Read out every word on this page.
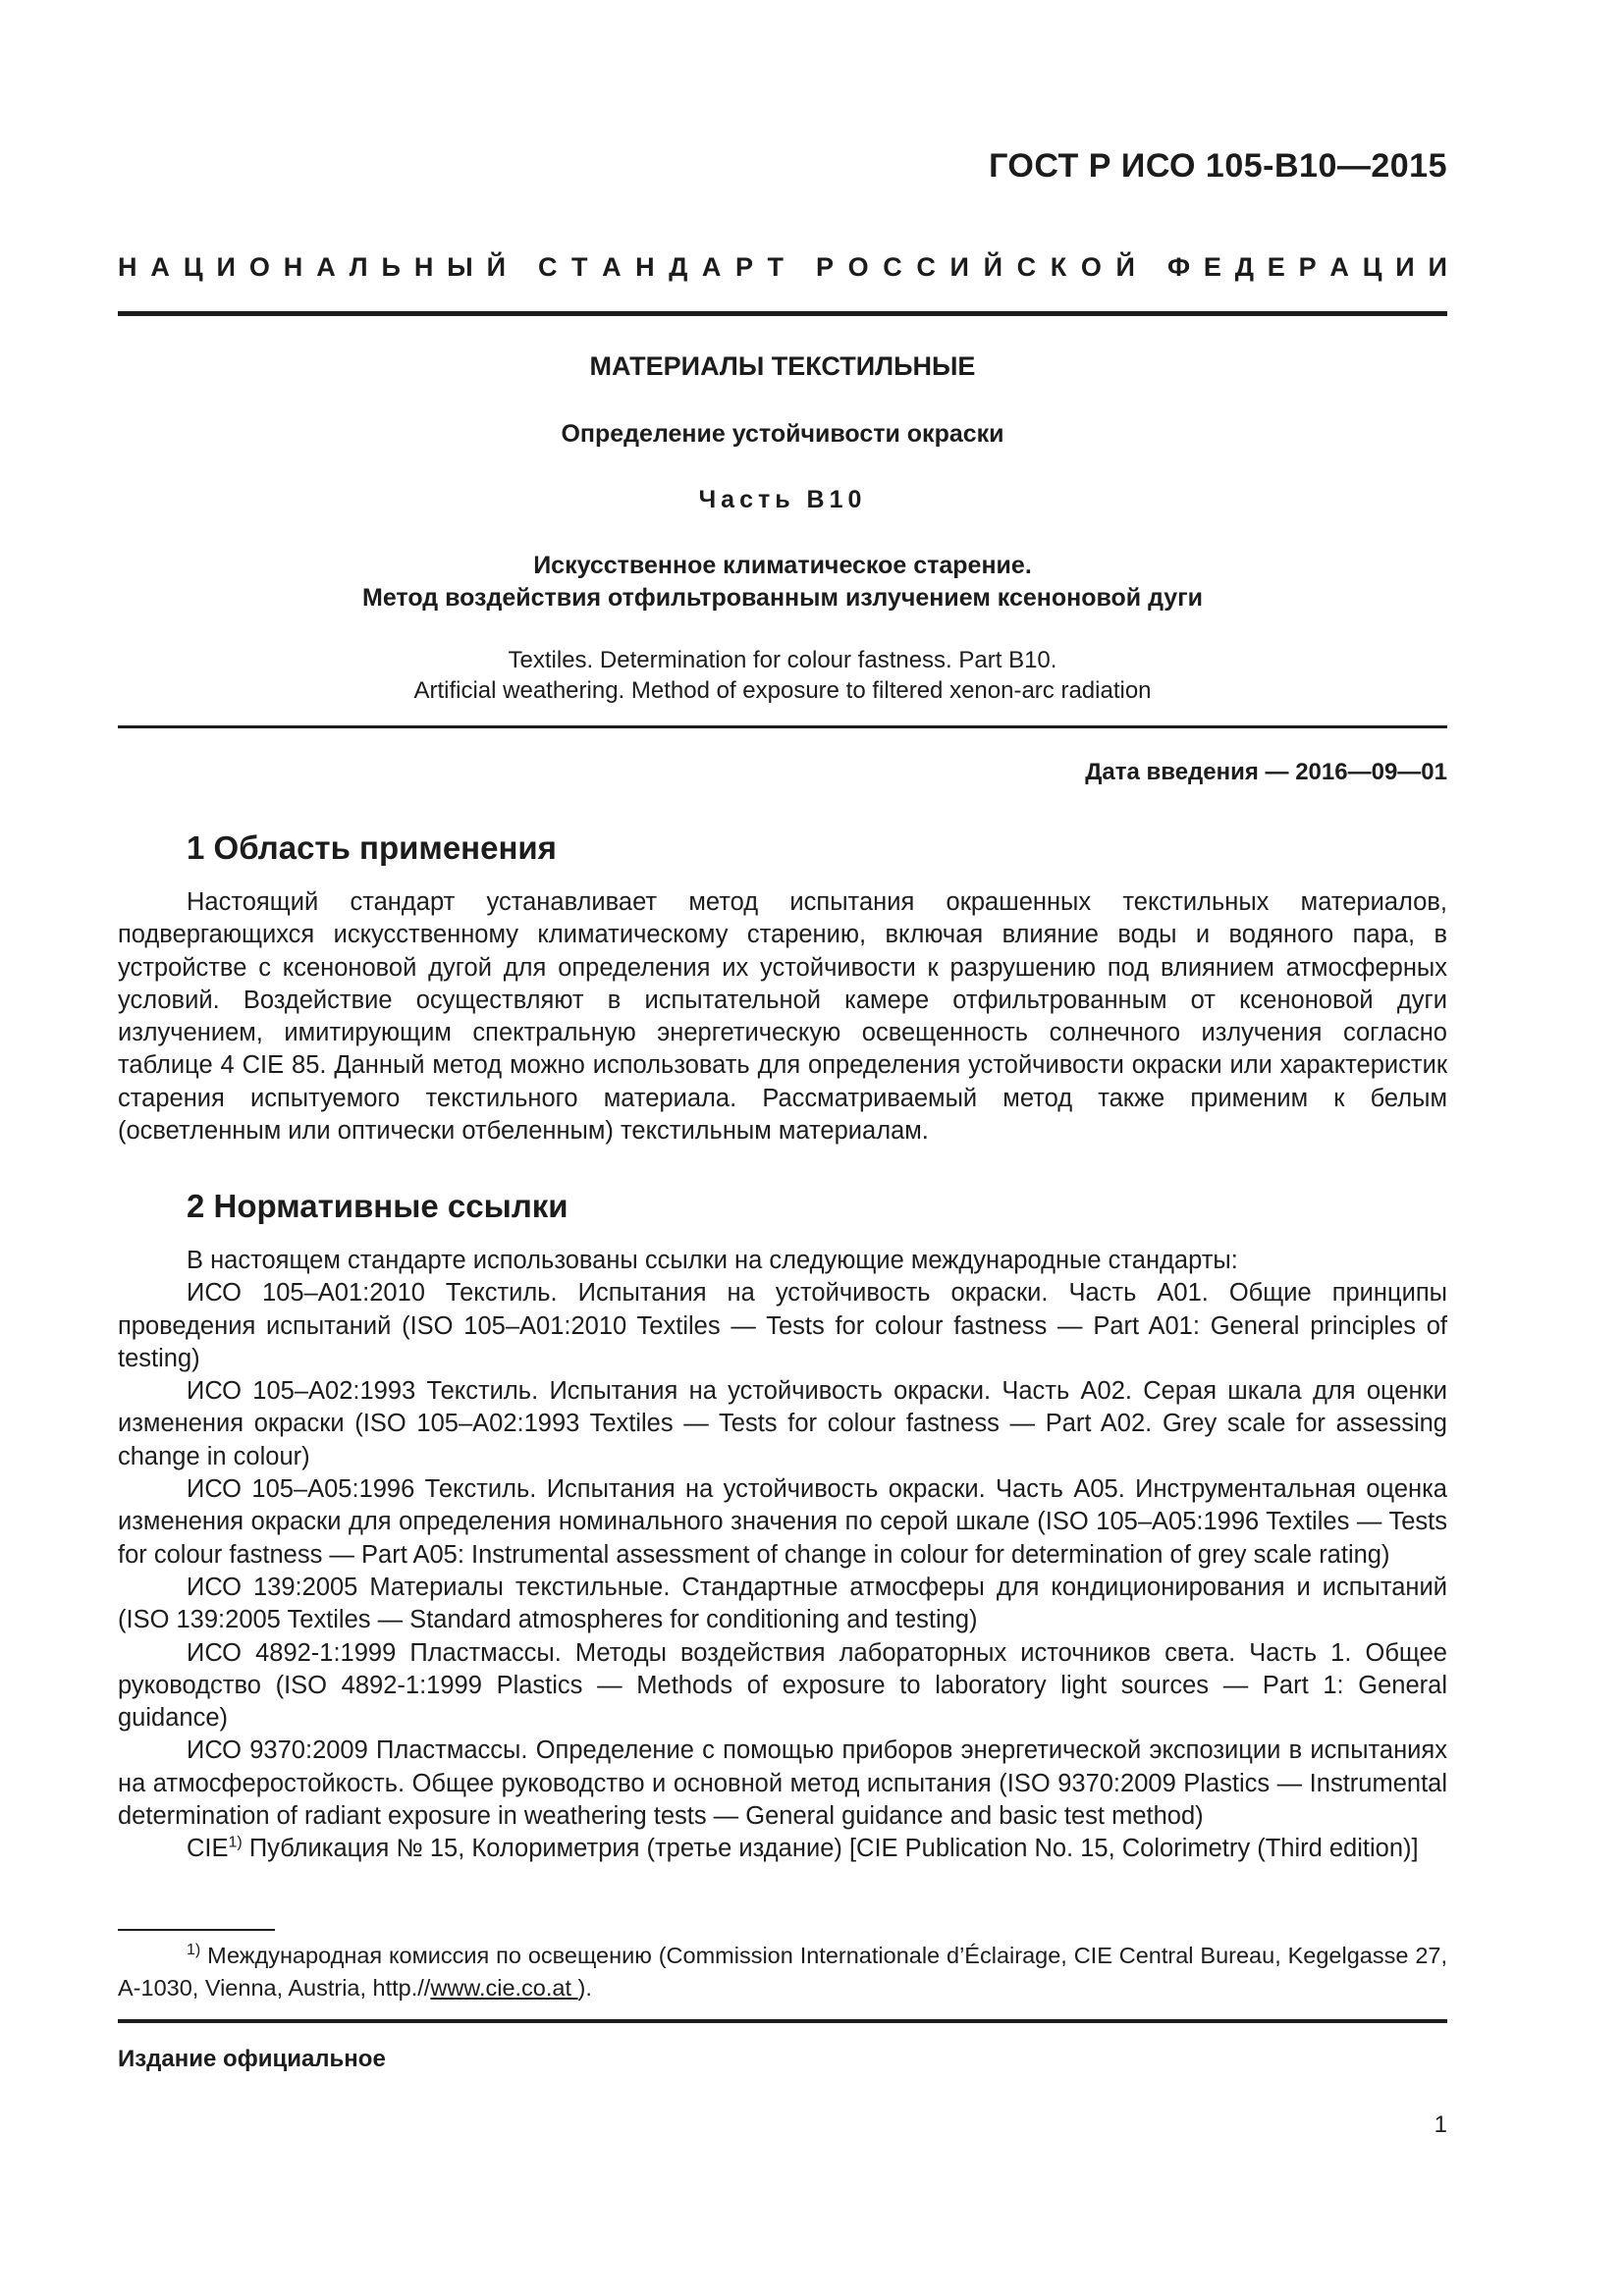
ГОСТ Р ИСО 105-В10—2015
Н А Ц И О Н А Л Ь Н Ы Й С Т А Н Д А Р Т Р О С С И Й С К О Й Ф Е Д Е Р А Ц И И
МАТЕРИАЛЫ ТЕКСТИЛЬНЫЕ
Определение устойчивости окраски
Часть В10
Искусственное климатическое старение.
Метод воздействия отфильтрованным излучением ксеноновой дуги
Textiles. Determination for colour fastness. Part B10.
Artificial weathering. Method of exposure to filtered xenon-arc radiation
Дата введения — 2016—09—01
1 Область применения

Настоящий стандарт устанавливает метод испытания окрашенных текстильных материалов, подвергающихся искусственному климатическому старению, включая влияние воды и водяного пара, в устройстве с ксеноновой дугой для определения их устойчивости к разрушению под влиянием атмосферных условий. Воздействие осуществляют в испытательной камере отфильтрованным от ксеноновой дуги излучением, имитирующим спектральную энергетическую освещенность солнечного излучения согласно таблице 4 CIE 85. Данный метод можно использовать для определения устойчивости окраски или характеристик старения испытуемого текстильного материала. Рассматриваемый метод также применим к белым (осветленным или оптически отбеленным) текстильным материалам.

2 Нормативные ссылки

В настоящем стандарте использованы ссылки на следующие международные стандарты:

ИСО 105–А01:2010 Текстиль. Испытания на устойчивость окраски. Часть А01. Общие принципы проведения испытаний (ISO 105–A01:2010 Textiles — Tests for colour fastness — Part A01: General principles of testing)

ИСО 105–А02:1993 Текстиль. Испытания на устойчивость окраски. Часть А02. Серая шкала для оценки изменения окраски (ISO 105–A02:1993 Textiles — Tests for colour fastness — Part A02. Grey scale for assessing change in colour)

ИСО 105–А05:1996 Текстиль. Испытания на устойчивость окраски. Часть А05. Инструментальная оценка изменения окраски для определения номинального значения по серой шкале (ISO 105–A05:1996 Textiles — Tests for colour fastness — Part A05: Instrumental assessment of change in colour for determination of grey scale rating)

ИСО 139:2005 Материалы текстильные. Стандартные атмосферы для кондиционирования и испытаний (ISO 139:2005 Textiles — Standard atmospheres for conditioning and testing)

ИСО 4892-1:1999 Пластмассы. Методы воздействия лабораторных источников света. Часть 1. Общее руководство (ISO 4892-1:1999 Plastics — Methods of exposure to laboratory light sources — Part 1: General guidance)

ИСО 9370:2009 Пластмассы. Определение с помощью приборов энергетической экспозиции в испытаниях на атмосферостойкость. Общее руководство и основной метод испытания (ISO 9370:2009 Plastics — Instrumental determination of radiant exposure in weathering tests — General guidance and basic test method)

CIE$^{1)}$ Публикация № 15, Колориметрия (третье издание) [CIE Publication No. 15, Colorimetry (Third edition)]

$^{1)}$ Международная комиссия по освещению (Commission Internationale d’Éclairage, CIE Central Bureau, Kegelgasse 27, A-1030, Vienna, Austria, http.//www.cie.co.at ).
Издание официальное
1
